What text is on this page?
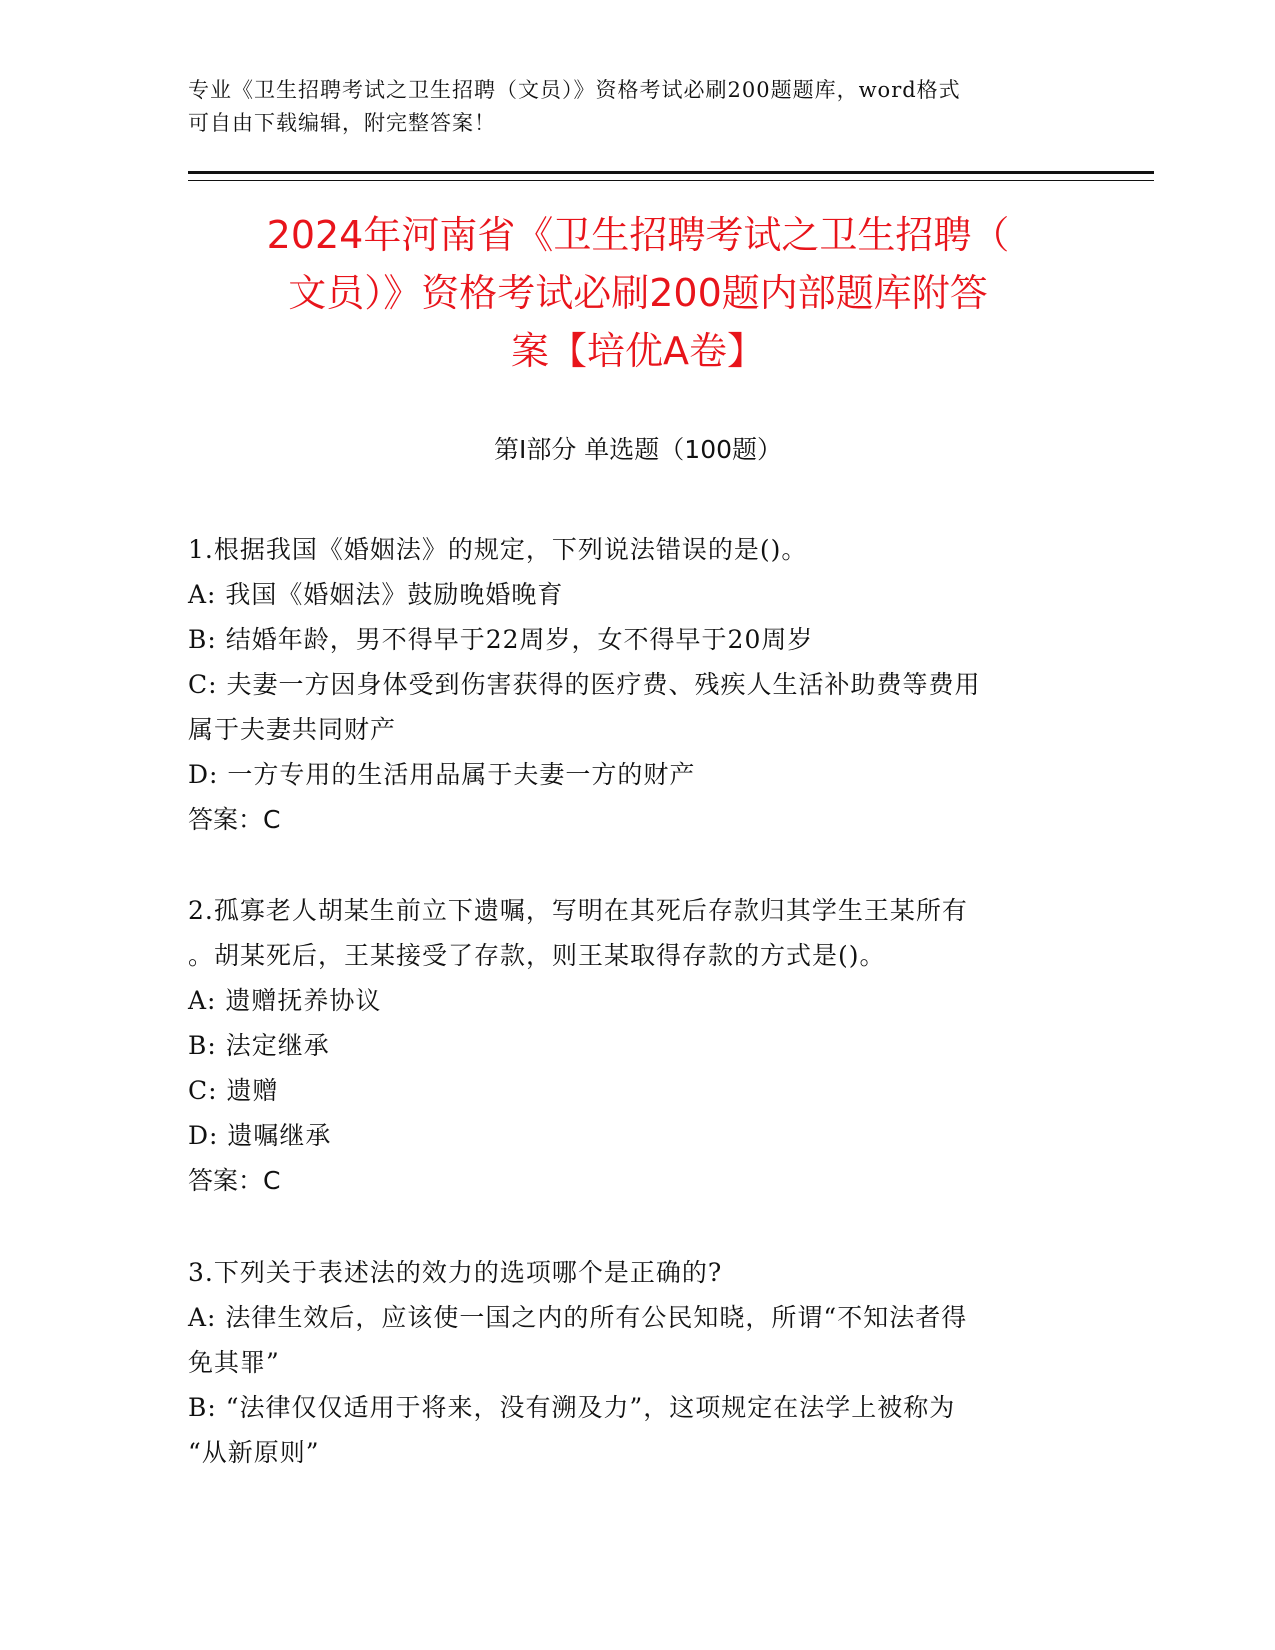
专业《卫生招聘考试之卫生招聘（文员）》资格考试必刷200题题库，word格式

可自由下载编辑，附完整答案！

2024年河南省《卫生招聘考试之卫生招聘（

文员）》资格考试必刷200题内部题库附答

案【培优A卷】

第I部分 单选题（100题）

1.根据我国《婚姻法》的规定，下列说法错误的是()。

A: 我国《婚姻法》鼓励晚婚晚育

B: 结婚年龄，男不得早于22周岁，女不得早于20周岁

C: 夫妻一方因身体受到伤害获得的医疗费、残疾人生活补助费等费用

属于夫妻共同财产

D: 一方专用的生活用品属于夫妻一方的财产

答案：C

2.孤寡老人胡某生前立下遗嘱，写明在其死后存款归其学生王某所有

。胡某死后，王某接受了存款，则王某取得存款的方式是()。

A: 遗赠抚养协议

B: 法定继承

C: 遗赠

D: 遗嘱继承

答案：C

3.下列关于表述法的效力的选项哪个是正确的?

A: 法律生效后，应该使一国之内的所有公民知晓，所谓“不知法者得

免其罪”

B: “法律仅仅适用于将来，没有溯及力”，这项规定在法学上被称为

“从新原则”
